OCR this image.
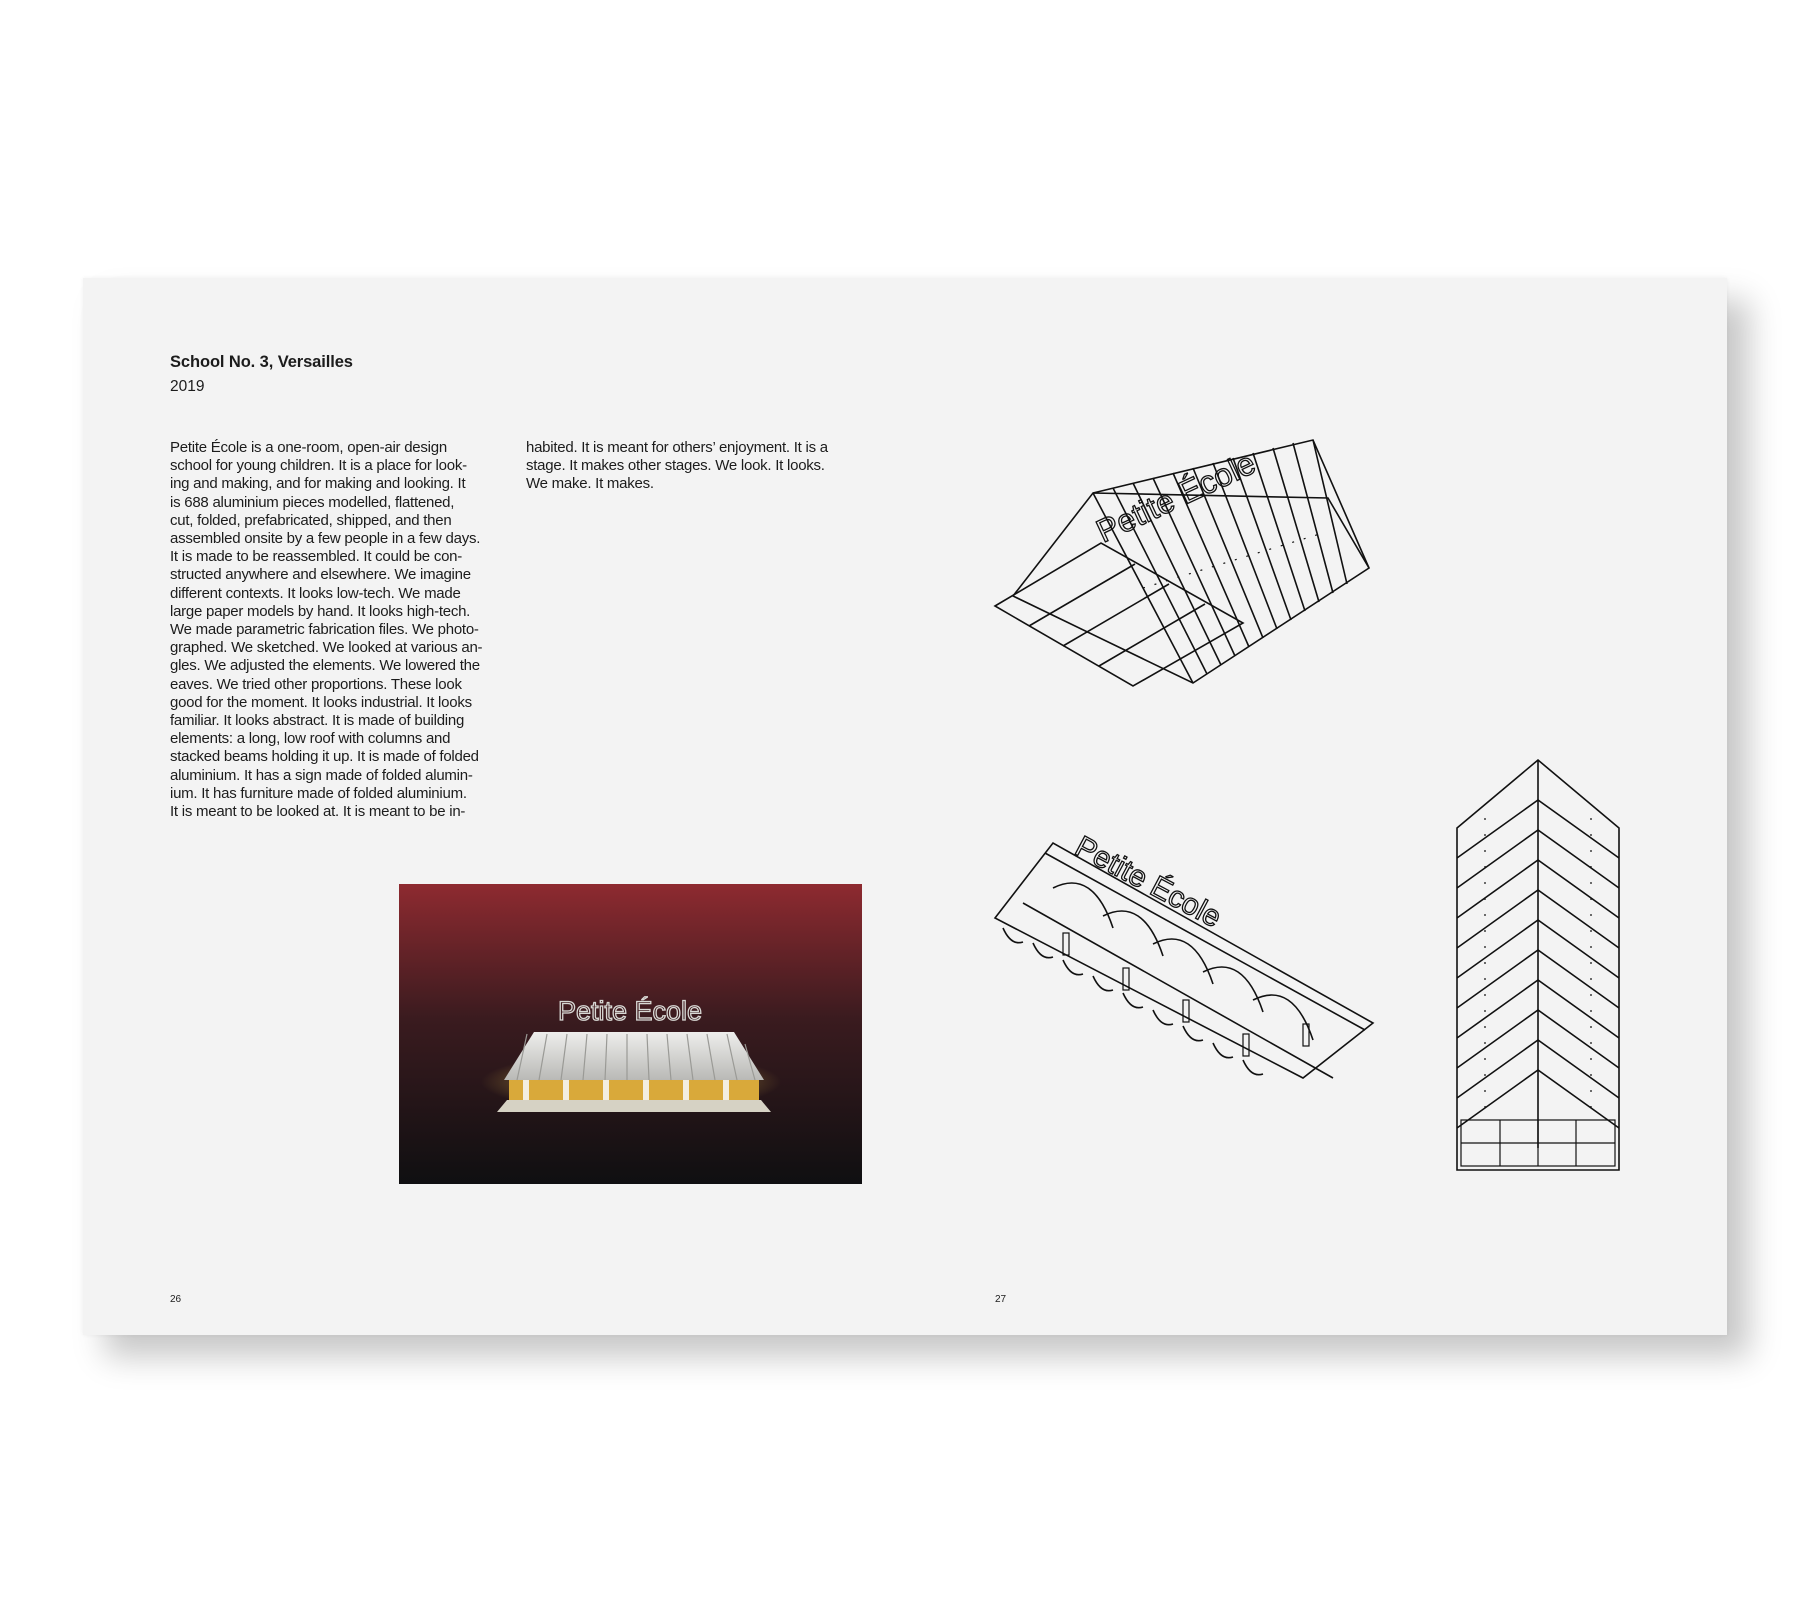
School No. 3, Versailles
2019

Petite École is a one-room, open-air design
school for young children. It is a place for look-
ing and making, and for making and looking. It
is 688 aluminium pieces modelled, flattened,
cut, folded, prefabricated, shipped, and then
assembled onsite by a few people in a few days.
It is made to be reassembled. It could be con-
structed anywhere and elsewhere. We imagine
different contexts. It looks low-tech. We made
large paper models by hand. It looks high-tech.
We made parametric fabrication files. We photo-
graphed. We sketched. We looked at various an-
gles. We adjusted the elements. We lowered the
eaves. We tried other proportions. These look
good for the moment. It looks industrial. It looks
familiar. It looks abstract. It is made of building
elements: a long, low roof with columns and
stacked beams holding it up. It is made of folded
aluminium. It has a sign made of folded alumin-
ium. It has furniture made of folded aluminium.
It is meant to be looked at. It is meant to be in-

habited. It is meant for others’ enjoyment. It is a
stage. It makes other stages. We look. It looks.
We make. It makes.

Petite École
Petite École
Petite École
26	27
